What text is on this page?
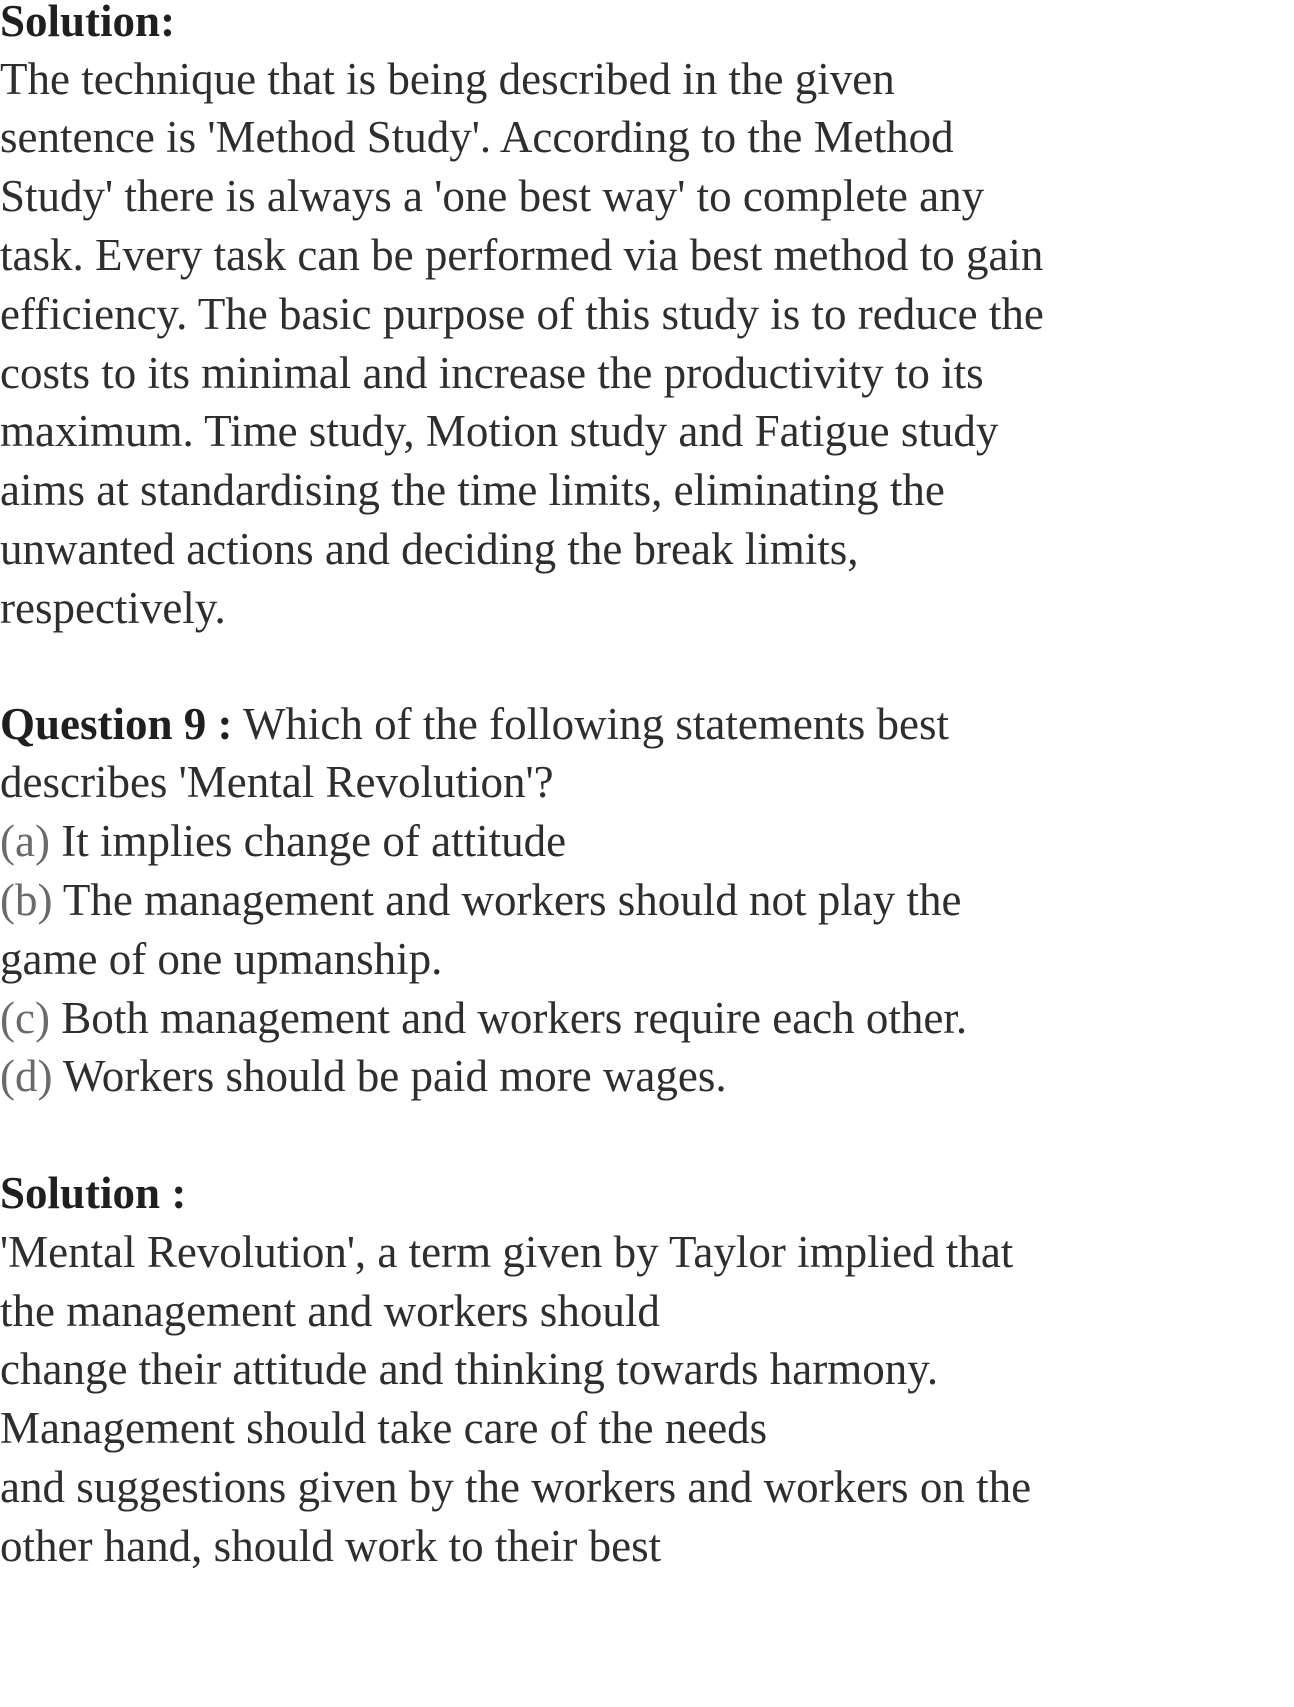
Solution:
The technique that is being described in the given
sentence is 'Method Study'. According to the Method
Study' there is always a 'one best way' to complete any
task. Every task can be performed via best method to gain
efficiency. The basic purpose of this study is to reduce the
costs to its minimal and increase the productivity to its
maximum. Time study, Motion study and Fatigue study
aims at standardising the time limits, eliminating the
unwanted actions and deciding the break limits,
respectively.
Question 9 : Which of the following statements best
describes 'Mental Revolution'?
(a) It implies change of attitude
(b) The management and workers should not play the
game of one upmanship.
(c) Both management and workers require each other.
(d) Workers should be paid more wages.
Solution :
'Mental Revolution', a term given by Taylor implied that
the management and workers should
change their attitude and thinking towards harmony.
Management should take care of the needs
and suggestions given by the workers and workers on the
other hand, should work to their best
